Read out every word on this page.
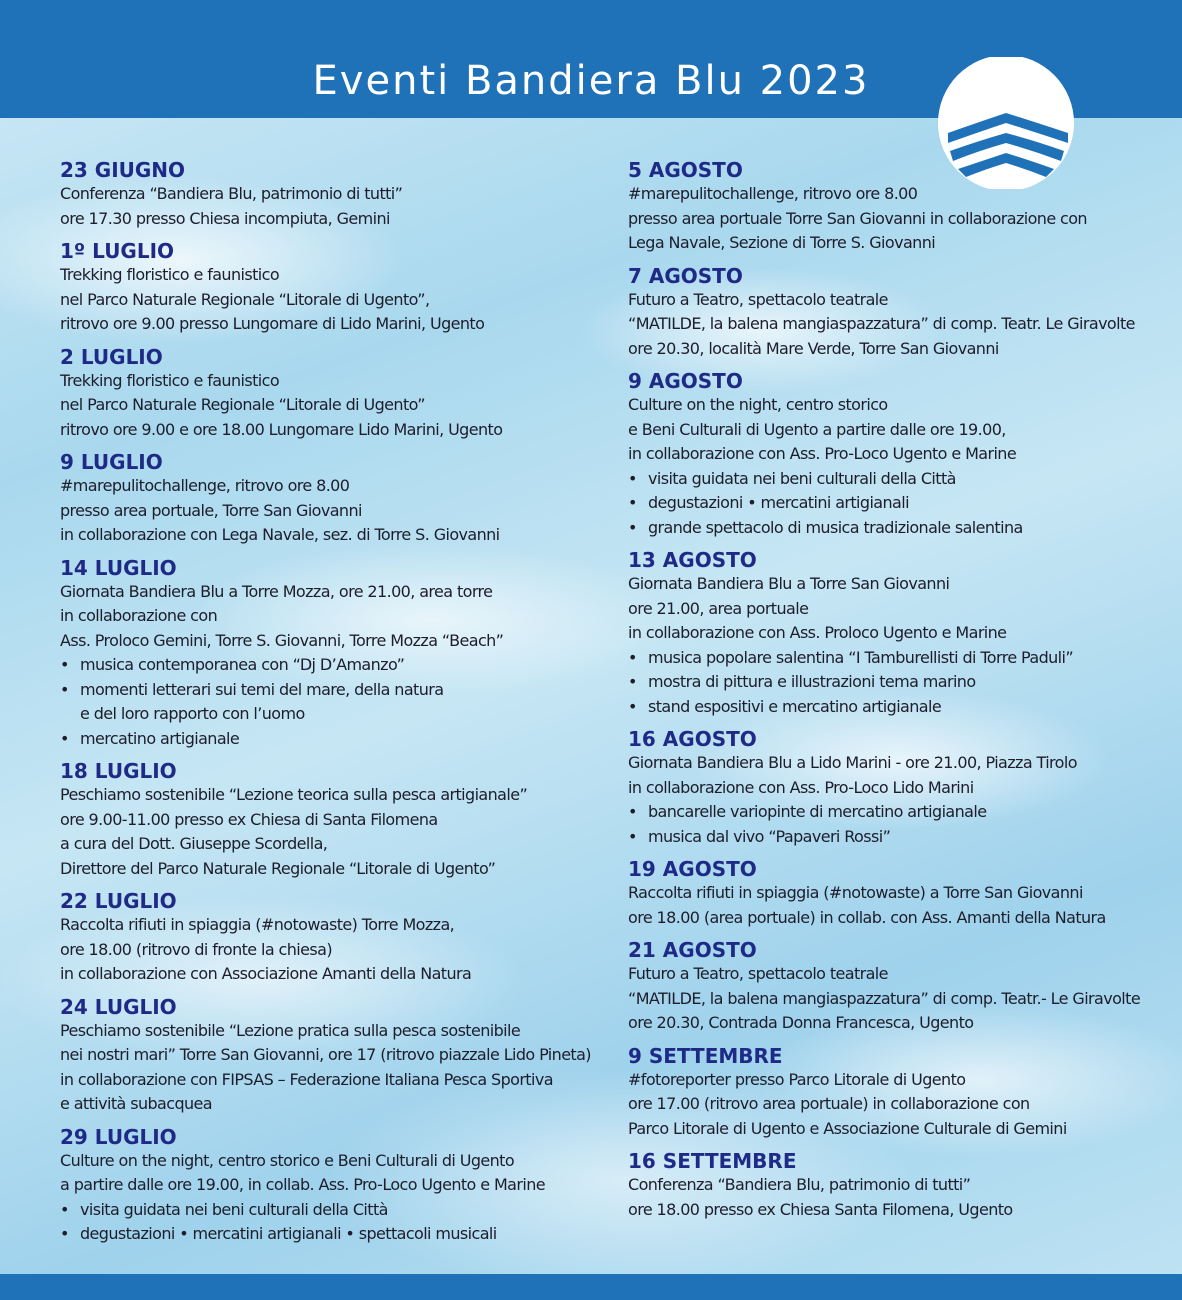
Eventi Bandiera Blu 2023
23 GIUGNO
Conferenza “Bandiera Blu, patrimonio di tutti”
ore 17.30 presso Chiesa incompiuta, Gemini
1º LUGLIO
Trekking floristico e faunistico
nel Parco Naturale Regionale “Litorale di Ugento”,
ritrovo ore 9.00 presso Lungomare di Lido Marini, Ugento
2 LUGLIO
Trekking floristico e faunistico
nel Parco Naturale Regionale “Litorale di Ugento”
ritrovo ore 9.00 e ore 18.00 Lungomare Lido Marini, Ugento
9 LUGLIO
#marepulitochallenge, ritrovo ore 8.00
presso area portuale, Torre San Giovanni
in collaborazione con Lega Navale, sez. di Torre S. Giovanni
14 LUGLIO
Giornata Bandiera Blu a Torre Mozza, ore 21.00, area torre
in collaborazione con
Ass. Proloco Gemini, Torre S. Giovanni, Torre Mozza “Beach”
• musica contemporanea con “Dj D’Amanzo”
• momenti letterari sui temi del mare, della natura
e del loro rapporto con l’uomo
• mercatino artigianale
18 LUGLIO
Peschiamo sostenibile “Lezione teorica sulla pesca artigianale”
ore 9.00-11.00 presso ex Chiesa di Santa Filomena
a cura del Dott. Giuseppe Scordella,
Direttore del Parco Naturale Regionale “Litorale di Ugento”
22 LUGLIO
Raccolta rifiuti in spiaggia (#notowaste) Torre Mozza,
ore 18.00 (ritrovo di fronte la chiesa)
in collaborazione con Associazione Amanti della Natura
24 LUGLIO
Peschiamo sostenibile “Lezione pratica sulla pesca sostenibile
nei nostri mari” Torre San Giovanni, ore 17 (ritrovo piazzale Lido Pineta)
in collaborazione con FIPSAS – Federazione Italiana Pesca Sportiva
e attività subacquea
29 LUGLIO
Culture on the night, centro storico e Beni Culturali di Ugento
a partire dalle ore 19.00, in collab. Ass. Pro-Loco Ugento e Marine
• visita guidata nei beni culturali della Città
• degustazioni • mercatini artigianali • spettacoli musicali
5 AGOSTO
#marepulitochallenge, ritrovo ore 8.00
presso area portuale Torre San Giovanni in collaborazione con
Lega Navale, Sezione di Torre S. Giovanni
7 AGOSTO
Futuro a Teatro, spettacolo teatrale
“MATILDE, la balena mangiaspazzatura” di comp. Teatr. Le Giravolte
ore 20.30, località Mare Verde, Torre San Giovanni
9 AGOSTO
Culture on the night, centro storico
e Beni Culturali di Ugento a partire dalle ore 19.00,
in collaborazione con Ass. Pro-Loco Ugento e Marine
• visita guidata nei beni culturali della Città
• degustazioni • mercatini artigianali
• grande spettacolo di musica tradizionale salentina
13 AGOSTO
Giornata Bandiera Blu a Torre San Giovanni
ore 21.00, area portuale
in collaborazione con Ass. Proloco Ugento e Marine
• musica popolare salentina “I Tamburellisti di Torre Paduli”
• mostra di pittura e illustrazioni tema marino
• stand espositivi e mercatino artigianale
16 AGOSTO
Giornata Bandiera Blu a Lido Marini - ore 21.00, Piazza Tirolo
in collaborazione con Ass. Pro-Loco Lido Marini
• bancarelle variopinte di mercatino artigianale
• musica dal vivo “Papaveri Rossi”
19 AGOSTO
Raccolta rifiuti in spiaggia (#notowaste) a Torre San Giovanni
ore 18.00 (area portuale) in collab. con Ass. Amanti della Natura
21 AGOSTO
Futuro a Teatro, spettacolo teatrale
“MATILDE, la balena mangiaspazzatura” di comp. Teatr.- Le Giravolte
ore 20.30, Contrada Donna Francesca, Ugento
9 SETTEMBRE
#fotoreporter presso Parco Litorale di Ugento
ore 17.00 (ritrovo area portuale) in collaborazione con
Parco Litorale di Ugento e Associazione Culturale di Gemini
16 SETTEMBRE
Conferenza “Bandiera Blu, patrimonio di tutti”
ore 18.00 presso ex Chiesa Santa Filomena, Ugento
